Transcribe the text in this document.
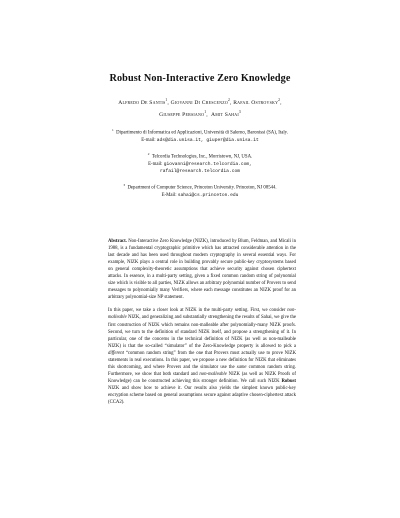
Robust Non-Interactive Zero Knowledge
Alfredo De Santis$^1$, Giovanni Di Crescenzo$^2$, Rafail Ostrovsky$^2$,
Giuseppe Persiano$^1$,  Amit Sahai$^3$
$^1$  Dipartimento di Informatica ed Applicazioni, Università di Salerno, Baronissi (SA), Italy.
E-mail: ads@dia.unisa.it, giuper@dia.unisa.it
$^2$  Telcordia Technologies, Inc., Morristown, NJ, USA.
E-mail: giovanni@research.telcordia.com,
rafail@research.telcordia.com
$^3$  Department of Computer Science, Princeton University. Princeton, NJ 08544.
E-Mail: sahai@cs.princeton.edu

Abstract. Non-Interactive Zero Knowledge (NIZK), introduced by Blum, Feldman, and Micali in 1988, is a fundamental cryptographic primitive which has attracted considerable attention in the last decade and has been used throughout modern cryptography in several essential ways. For example, NIZK plays a central role in building provably secure public-key cryptosystems based on general complexity-theoretic assumptions that achieve security against chosen ciphertext attacks. In essence, in a multi-party setting, given a fixed common random string of polynomial size which is visible to all parties, NIZK allows an arbitrary polynomial number of Provers to send messages to polynomially many Verifiers, where each message constitutes an NIZK proof for an arbitrary polynomial-size NP statement.

In this paper, we take a closer look at NIZK in the multi-party setting. First, we consider non-malleable NIZK, and generalizing and substantially strengthening the results of Sahai, we give the first construction of NIZK which remains non-malleable after polynomially-many NIZK proofs. Second, we turn to the definition of standard NIZK itself, and propose a strengthening of it. In particular, one of the concerns in the technical definition of NIZK (as well as non-malleable NIZK) is that the so-called “simulator” of the Zero-Knowledge property is allowed to pick a different “common random string” from the one that Provers must actually use to prove NIZK statements in real executions. In this paper, we propose a new definition for NIZK that eliminates this shortcoming, and where Provers and the simulator use the same common random string. Furthermore, we show that both standard and non-malleable NIZK (as well as NIZK Proofs of Knowledge) can be constructed achieving this stronger definition. We call such NIZK Robust NIZK and show how to achieve it. Our results also yields the simplest known public-key encryption scheme based on general assumptions secure against adaptive chosen-ciphertext attack (CCA2).
